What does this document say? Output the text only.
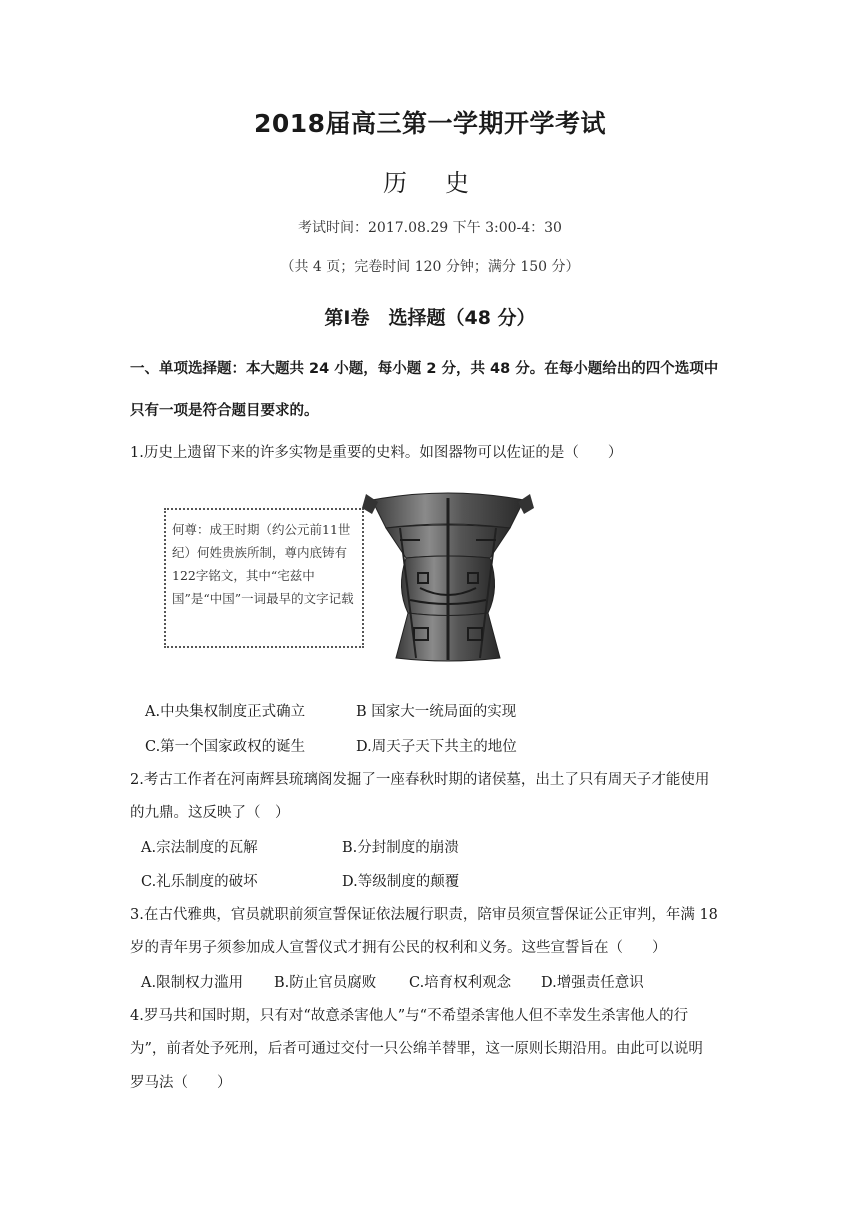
2018届高三第一学期开学考试
历史
考试时间：2017.08.29 下午 3:00-4：30
（共 4 页；完卷时间 120 分钟；满分 150 分）
第Ⅰ卷　选择题（48 分）
一、单项选择题：本大题共 24 小题，每小题 2 分，共 48 分。在每小题给出的四个选项中
只有一项是符合题目要求的。
1.历史上遗留下来的许多实物是重要的史料。如图器物可以佐证的是（　　）
何尊：成王时期（约公元前11世纪）何姓贵族所制，尊内底铸有122字铭文，其中“宅兹中国”是“中国”一词最早的文字记载
A.中央集权制度正式确立	B 国家大一统局面的实现
C.第一个国家政权的诞生	D.周天子天下共主的地位
2.考古工作者在河南辉县琉璃阁发掘了一座春秋时期的诸侯墓，出土了只有周天子才能使用
的九鼎。这反映了（　）
A.宗法制度的瓦解	B.分封制度的崩溃
C.礼乐制度的破坏	D.等级制度的颠覆
3.在古代雅典，官员就职前须宣誓保证依法履行职责，陪审员须宣誓保证公正审判，年满 18
岁的青年男子须参加成人宣誓仪式才拥有公民的权利和义务。这些宣誓旨在（　　）
A.限制权力滥用 B.防止官员腐败 C.培育权利观念 D.增强责任意识
4.罗马共和国时期，只有对“故意杀害他人”与“不希望杀害他人但不幸发生杀害他人的行
为”，前者处予死刑，后者可通过交付一只公绵羊替罪，这一原则长期沿用。由此可以说明
罗马法（　　）
